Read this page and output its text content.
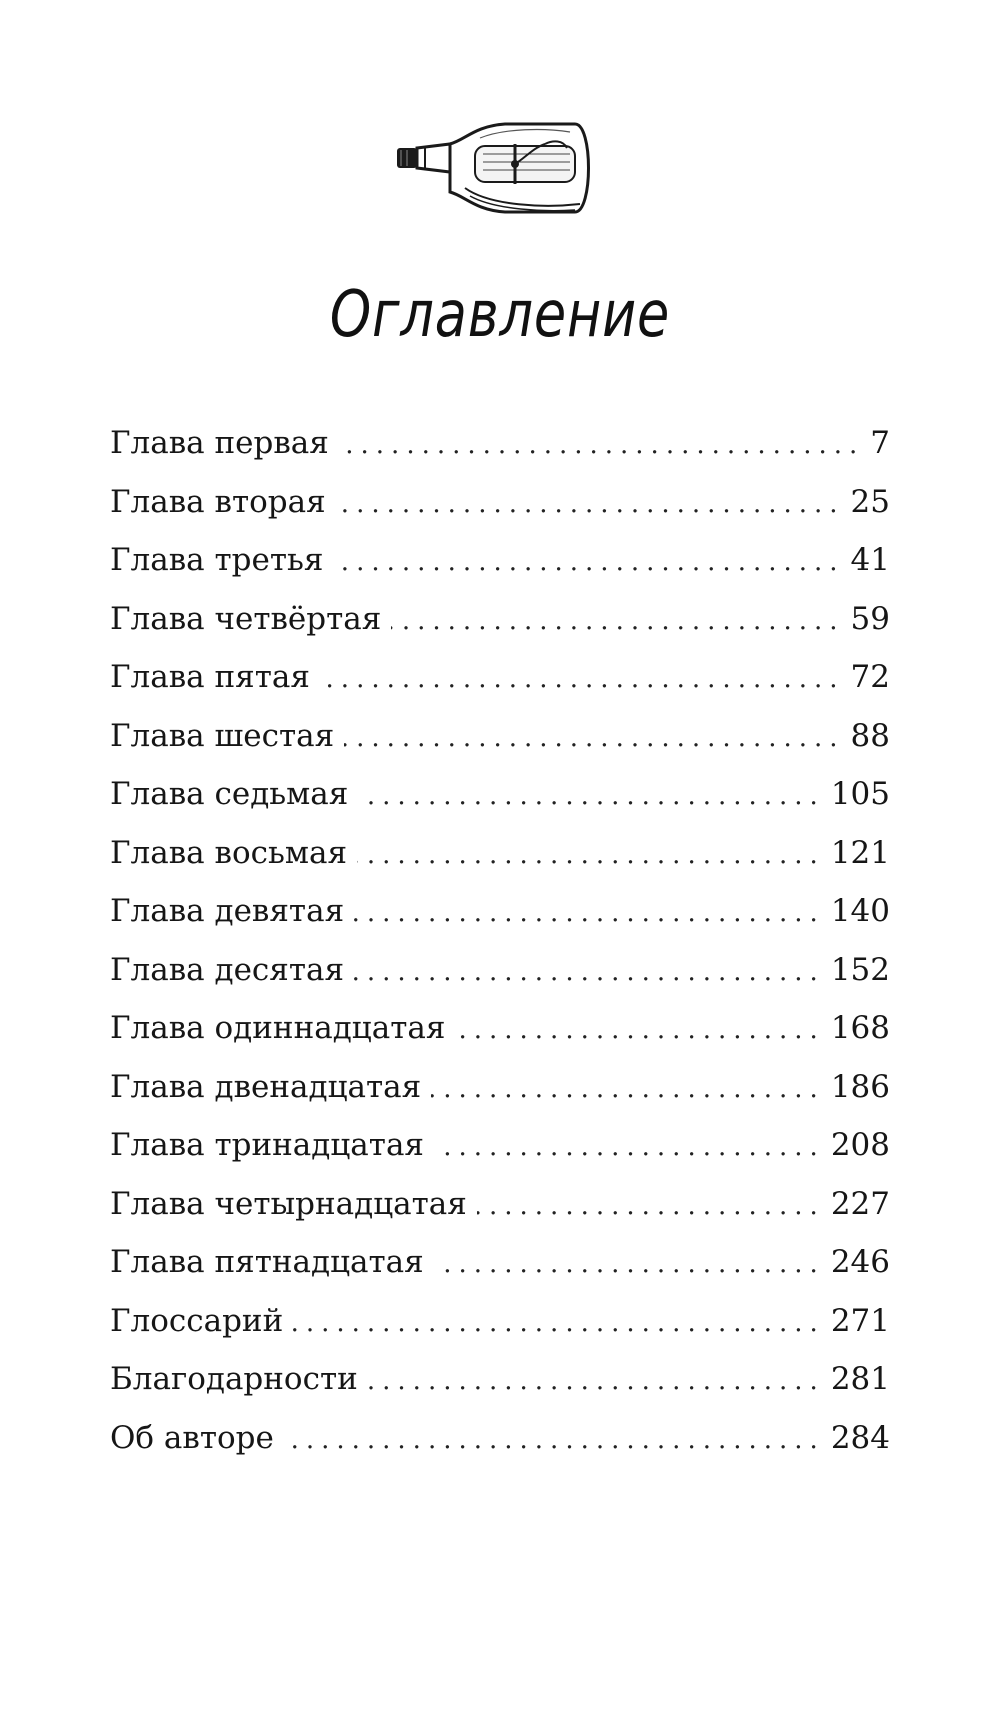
Оглавление
Глава первая .....	7
Глава вторая .....	25
Глава третья .....	41
Глава четвёртая .....	59
Глава пятая .....	72
Глава шестая .....	88
Глава седьмая .....	105
Глава восьмая .....	121
Глава девятая .....	140
Глава десятая .....	152
Глава одиннадцатая .....	168
Глава двенадцатая .....	186
Глава тринадцатая .....	208
Глава четырнадцатая .....	227
Глава пятнадцатая .....	246
Глоссарий .....	271
Благодарности .....	281
Об авторе .....	284
